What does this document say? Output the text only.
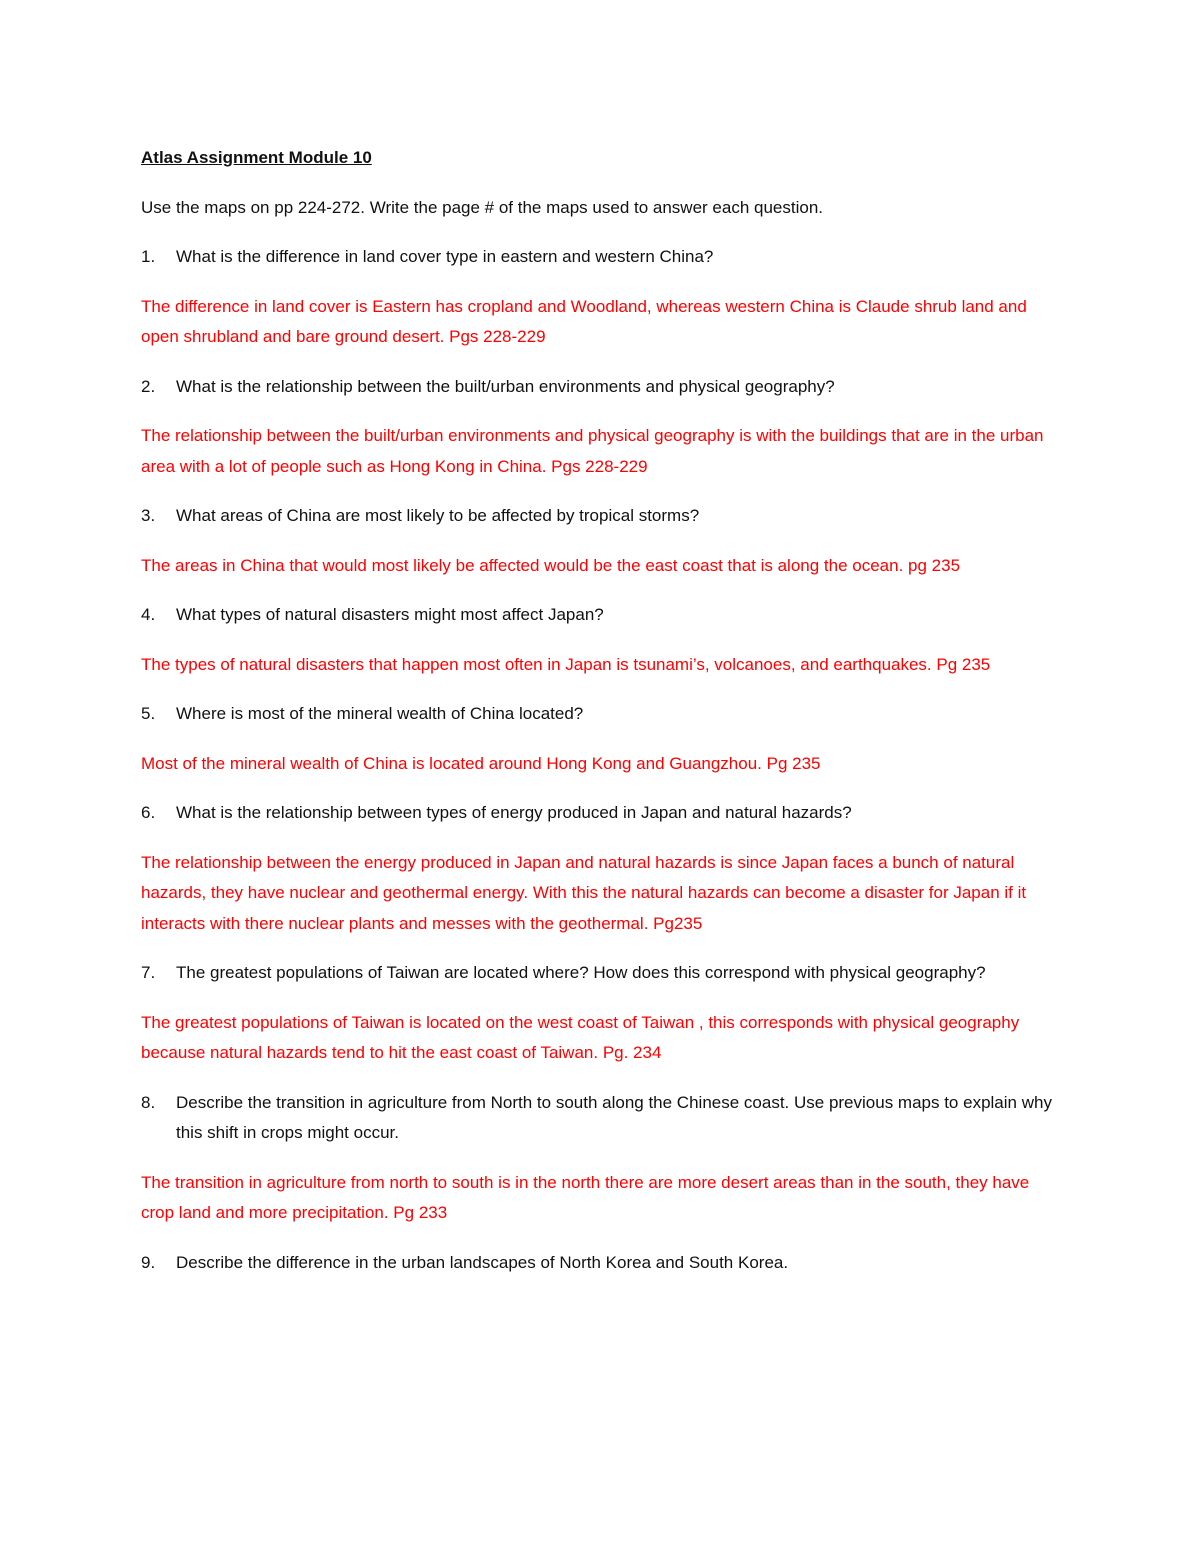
Atlas Assignment Module 10

Use the maps on pp 224-272. Write the page # of the maps used to answer each question.

1. What is the difference in land cover type in eastern and western China?

The difference in land cover is Eastern has cropland and Woodland, whereas western China is Claude shrub land and open shrubland and bare ground desert. Pgs 228-229

2. What is the relationship between the built/urban environments and physical geography?

The relationship between the built/urban environments and physical geography is with the buildings that are in the urban area with a lot of people such as Hong Kong in China. Pgs 228-229

3. What areas of China are most likely to be affected by tropical storms?

The areas in China that would most likely be affected would be the east coast that is along the ocean. pg 235

4. What types of natural disasters might most affect Japan?

The types of natural disasters that happen most often in Japan is tsunami’s, volcanoes, and earthquakes. Pg 235

5. Where is most of the mineral wealth of China located?

Most of the mineral wealth of China is located around Hong Kong and Guangzhou. Pg 235

6. What is the relationship between types of energy produced in Japan and natural hazards?

The relationship between the energy produced in Japan and natural hazards is since Japan faces a bunch of natural hazards, they have nuclear and geothermal energy. With this the natural hazards can become a disaster for Japan if it interacts with there nuclear plants and messes with the geothermal. Pg235

7. The greatest populations of Taiwan are located where? How does this correspond with physical geography?

The greatest populations of Taiwan is located on the west coast of Taiwan , this corresponds with physical geography because natural hazards tend to hit the east coast of Taiwan. Pg. 234

8. Describe the transition in agriculture from North to south along the Chinese coast. Use previous maps to explain why this shift in crops might occur.

The transition in agriculture from north to south is in the north there are more desert areas than in the south, they have crop land and more precipitation. Pg 233

9. Describe the difference in the urban landscapes of North Korea and South Korea.
